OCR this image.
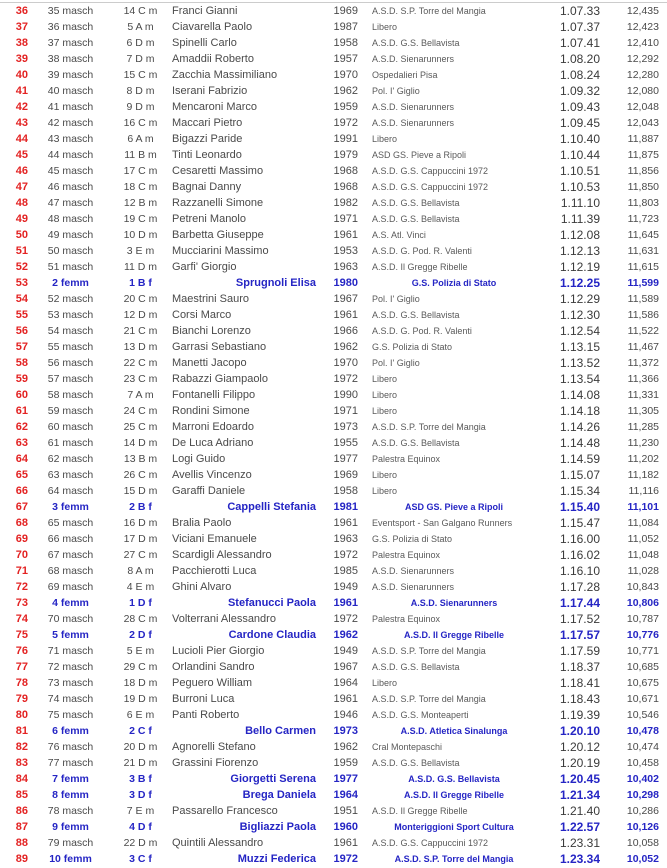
36	35 masch	14 C m	Franci Gianni	1969	A.S.D. S.P. Torre del Mangia	1.07.33	12,435
37	36 masch	5 A m	Ciavarella Paolo	1987	Libero	1.07.37	12,423
38	37 masch	6 D m	Spinelli Carlo	1958	A.S.D. G.S. Bellavista	1.07.41	12,410
39	38 masch	7 D m	Amaddii Roberto	1957	A.S.D. Sienarunners	1.08.20	12,292
40	39 masch	15 C m	Zacchia Massimiliano	1970	Ospedalieri Pisa	1.08.24	12,280
41	40 masch	8 D m	Iserani Fabrizio	1962	Pol. I' Giglio	1.09.32	12,080
42	41 masch	9 D m	Mencaroni Marco	1959	A.S.D. Sienarunners	1.09.43	12,048
43	42 masch	16 C m	Maccari Pietro	1972	A.S.D. Sienarunners	1.09.45	12,043
44	43 masch	6 A m	Bigazzi Paride	1991	Libero	1.10.40	11,887
45	44 masch	11 B m	Tinti Leonardo	1979	ASD GS. Pieve a Ripoli	1.10.44	11,875
46	45 masch	17 C m	Cesaretti Massimo	1968	A.S.D. G.S. Cappuccini 1972	1.10.51	11,856
47	46 masch	18 C m	Bagnai Danny	1968	A.S.D. G.S. Cappuccini 1972	1.10.53	11,850
48	47 masch	12 B m	Razzanelli Simone	1982	A.S.D. G.S. Bellavista	1.11.10	11,803
49	48 masch	19 C m	Petreni Manolo	1971	A.S.D. G.S. Bellavista	1.11.39	11,723
50	49 masch	10 D m	Barbetta Giuseppe	1961	A.S. Atl. Vinci	1.12.08	11,645
51	50 masch	3 E m	Mucciarini Massimo	1953	A.S.D. G. Pod. R. Valenti	1.12.13	11,631
52	51 masch	11 D m	Garfi' Giorgio	1963	A.S.D. Il Gregge Ribelle	1.12.19	11,615
53	2 femm	1 B f	Sprugnoli Elisa	1980	G.S. Polizia di Stato	1.12.25	11,599
54	52 masch	20 C m	Maestrini Sauro	1967	Pol. I' Giglio	1.12.29	11,589
55	53 masch	12 D m	Corsi Marco	1961	A.S.D. G.S. Bellavista	1.12.30	11,586
56	54 masch	21 C m	Bianchi Lorenzo	1966	A.S.D. G. Pod. R. Valenti	1.12.54	11,522
57	55 masch	13 D m	Garrasi Sebastiano	1962	G.S. Polizia di Stato	1.13.15	11,467
58	56 masch	22 C m	Manetti Jacopo	1970	Pol. I' Giglio	1.13.52	11,372
59	57 masch	23 C m	Rabazzi Giampaolo	1972	Libero	1.13.54	11,366
60	58 masch	7 A m	Fontanelli Filippo	1990	Libero	1.14.08	11,331
61	59 masch	24 C m	Rondini Simone	1971	Libero	1.14.18	11,305
62	60 masch	25 C m	Marroni Edoardo	1973	A.S.D. S.P. Torre del Mangia	1.14.26	11,285
63	61 masch	14 D m	De Luca Adriano	1955	A.S.D. G.S. Bellavista	1.14.48	11,230
64	62 masch	13 B m	Logi Guido	1977	Palestra Equinox	1.14.59	11,202
65	63 masch	26 C m	Avellis Vincenzo	1969	Libero	1.15.07	11,182
66	64 masch	15 D m	Garaffi Daniele	1958	Libero	1.15.34	11,116
67	3 femm	2 B f	Cappelli Stefania	1981	ASD GS. Pieve a Ripoli	1.15.40	11,101
68	65 masch	16 D m	Bralia Paolo	1961	Eventsport - San Galgano Runners	1.15.47	11,084
69	66 masch	17 D m	Viciani Emanuele	1963	G.S. Polizia di Stato	1.16.00	11,052
70	67 masch	27 C m	Scardigli Alessandro	1972	Palestra Equinox	1.16.02	11,048
71	68 masch	8 A m	Pacchierotti Luca	1985	A.S.D. Sienarunners	1.16.10	11,028
72	69 masch	4 E m	Ghini Alvaro	1949	A.S.D. Sienarunners	1.17.28	10,843
73	4 femm	1 D f	Stefanucci Paola	1961	A.S.D. Sienarunners	1.17.44	10,806
74	70 masch	28 C m	Volterrani Alessandro	1972	Palestra Equinox	1.17.52	10,787
75	5 femm	2 D f	Cardone Claudia	1962	A.S.D. Il Gregge Ribelle	1.17.57	10,776
76	71 masch	5 E m	Lucioli Pier Giorgio	1949	A.S.D. S.P. Torre del Mangia	1.17.59	10,771
77	72 masch	29 C m	Orlandini Sandro	1967	A.S.D. G.S. Bellavista	1.18.37	10,685
78	73 masch	18 D m	Peguero William	1964	Libero	1.18.41	10,675
79	74 masch	19 D m	Burroni Luca	1961	A.S.D. S.P. Torre del Mangia	1.18.43	10,671
80	75 masch	6 E m	Panti Roberto	1946	A.S.D. G.S. Monteaperti	1.19.39	10,546
81	6 femm	2 C f	Bello Carmen	1973	A.S.D. Atletica Sinalunga	1.20.10	10,478
82	76 masch	20 D m	Agnorelli Stefano	1962	Cral Montepaschi	1.20.12	10,474
83	77 masch	21 D m	Grassini Fiorenzo	1959	A.S.D. G.S. Bellavista	1.20.19	10,458
84	7 femm	3 B f	Giorgetti Serena	1977	A.S.D. G.S. Bellavista	1.20.45	10,402
85	8 femm	3 D f	Brega Daniela	1964	A.S.D. Il Gregge Ribelle	1.21.34	10,298
86	78 masch	7 E m	Passarello Francesco	1951	A.S.D. Il Gregge Ribelle	1.21.40	10,286
87	9 femm	4 D f	Bigliazzi Paola	1960	Monteriggioni Sport Cultura	1.22.57	10,126
88	79 masch	22 D m	Quintili Alessandro	1961	A.S.D. G.S. Cappuccini 1972	1.23.31	10,058
89	10 femm	3 C f	Muzzi Federica	1972	A.S.D. S.P. Torre del Mangia	1.23.34	10,052
